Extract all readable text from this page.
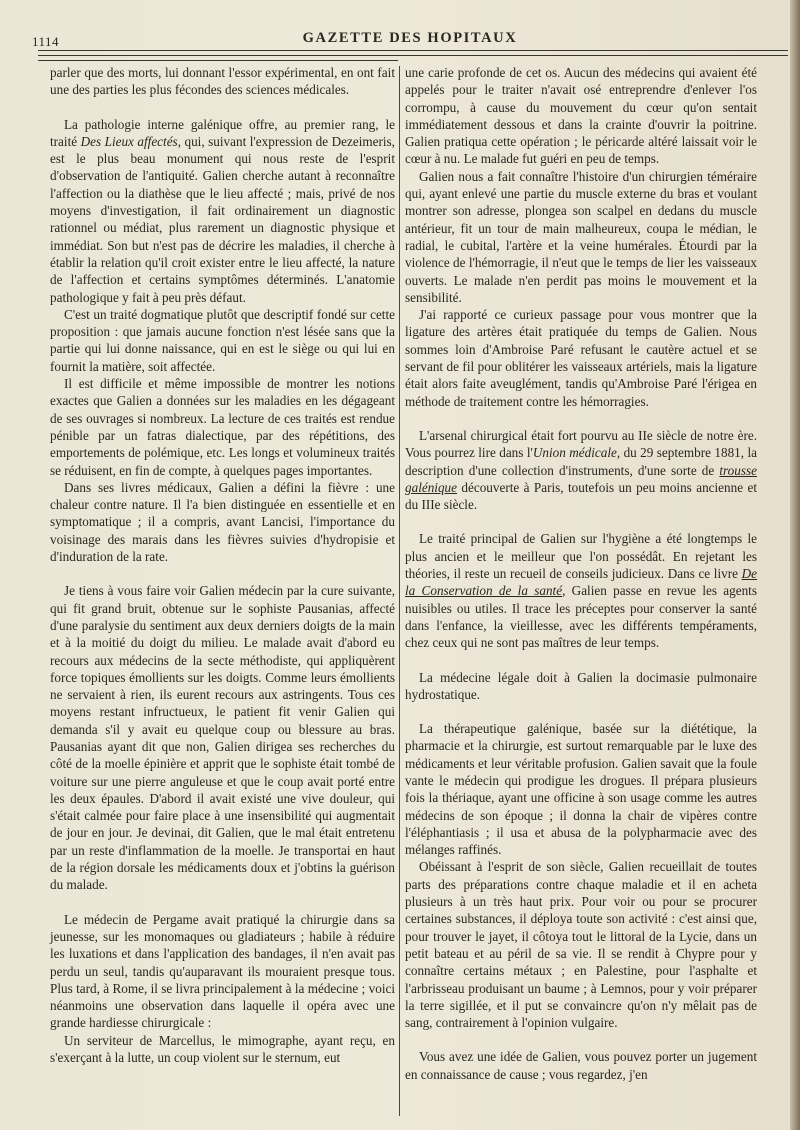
1114	GAZETTE DES HOPITAUX

parler que des morts, lui donnant l'essor expérimental, en ont fait une des parties les plus fécondes des sciences médicales.

La pathologie interne galénique offre, au premier rang, le traité Des Lieux affectés, qui, suivant l'expression de Dezeimeris, est le plus beau monument qui nous reste de l'esprit d'observation de l'antiquité. Galien cherche autant à reconnaître l'affection ou la diathèse que le lieu affecté ; mais, privé de nos moyens d'investigation, il fait ordinairement un diagnostic rationnel ou médiat, plus rarement un diagnostic physique et immédiat. Son but n'est pas de décrire les maladies, il cherche à établir la relation qu'il croit exister entre le lieu affecté, la nature de l'affection et certains symptômes déterminés. L'anatomie pathologique y fait à peu près défaut.

C'est un traité dogmatique plutôt que descriptif fondé sur cette proposition : que jamais aucune fonction n'est lésée sans que la partie qui lui donne naissance, qui en est le siège ou qui lui en fournit la matière, soit affectée.

Il est difficile et même impossible de montrer les notions exactes que Galien a données sur les maladies en les dégageant de ses ouvrages si nombreux. La lecture de ces traités est rendue pénible par un fatras dialectique, par des répétitions, des emportements de polémique, etc. Les longs et volumineux traités se réduisent, en fin de compte, à quelques pages importantes.

Dans ses livres médicaux, Galien a défini la fièvre : une chaleur contre nature. Il l'a bien distinguée en essentielle et en symptomatique ; il a compris, avant Lancisi, l'importance du voisinage des marais dans les fièvres suivies d'hydropisie et d'induration de la rate.

Je tiens à vous faire voir Galien médecin par la cure suivante, qui fit grand bruit, obtenue sur le sophiste Pausanias, affecté d'une paralysie du sentiment aux deux derniers doigts de la main et à la moitié du doigt du milieu. Le malade avait d'abord eu recours aux médecins de la secte méthodiste, qui appliquèrent force topiques émollients sur les doigts. Comme leurs émollients ne servaient à rien, ils eurent recours aux astringents. Tous ces moyens restant infructueux, le patient fit venir Galien qui demanda s'il y avait eu quelque coup ou blessure au bras. Pausanias ayant dit que non, Galien dirigea ses recherches du côté de la moelle épinière et apprit que le sophiste était tombé de voiture sur une pierre anguleuse et que le coup avait porté entre les deux épaules. D'abord il avait existé une vive douleur, qui s'était calmée pour faire place à une insensibilité qui augmentait de jour en jour. Je devinai, dit Galien, que le mal était entretenu par un reste d'inflammation de la moelle. Je transportai en haut de la région dorsale les médicaments doux et j'obtins la guérison du malade.

Le médecin de Pergame avait pratiqué la chirurgie dans sa jeunesse, sur les monomaques ou gladiateurs ; habile à réduire les luxations et dans l'application des bandages, il n'en avait pas perdu un seul, tandis qu'auparavant ils mouraient presque tous. Plus tard, à Rome, il se livra principalement à la médecine ; voici néanmoins une observation dans laquelle il opéra avec une grande hardiesse chirurgicale :

Un serviteur de Marcellus, le mimographe, ayant reçu, en s'exerçant à la lutte, un coup violent sur le sternum, eut

une carie profonde de cet os. Aucun des médecins qui avaient été appelés pour le traiter n'avait osé entreprendre d'enlever l'os corrompu, à cause du mouvement du cœur qu'on sentait immédiatement dessous et dans la crainte d'ouvrir la poitrine. Galien pratiqua cette opération ; le péricarde altéré laissait voir le cœur à nu. Le malade fut guéri en peu de temps.

Galien nous a fait connaître l'histoire d'un chirurgien téméraire qui, ayant enlevé une partie du muscle externe du bras et voulant montrer son adresse, plongea son scalpel en dedans du muscle antérieur, fit un tour de main malheureux, coupa le médian, le radial, le cubital, l'artère et la veine humérales. Étourdi par la violence de l'hémorragie, il n'eut que le temps de lier les vaisseaux ouverts. Le malade n'en perdit pas moins le mouvement et la sensibilité.

J'ai rapporté ce curieux passage pour vous montrer que la ligature des artères était pratiquée du temps de Galien. Nous sommes loin d'Ambroise Paré refusant le cautère actuel et se servant de fil pour oblitérer les vaisseaux artériels, mais la ligature était alors faite aveuglément, tandis qu'Ambroise Paré l'érigea en méthode de traitement contre les hémorragies.

L'arsenal chirurgical était fort pourvu au IIe siècle de notre ère. Vous pourrez lire dans l'Union médicale, du 29 septembre 1881, la description d'une collection d'instruments, d'une sorte de trousse galénique découverte à Paris, toutefois un peu moins ancienne et du IIIe siècle.

Le traité principal de Galien sur l'hygiène a été longtemps le plus ancien et le meilleur que l'on possédât. En rejetant les théories, il reste un recueil de conseils judicieux. Dans ce livre De la Conservation de la santé, Galien passe en revue les agents nuisibles ou utiles. Il trace les préceptes pour conserver la santé dans l'enfance, la vieillesse, avec les différents tempéraments, chez ceux qui ne sont pas maîtres de leur temps.

La médecine légale doit à Galien la docimasie pulmonaire hydrostatique.

La thérapeutique galénique, basée sur la diététique, la pharmacie et la chirurgie, est surtout remarquable par le luxe des médicaments et leur véritable profusion. Galien savait que la foule vante le médecin qui prodigue les drogues. Il prépara plusieurs fois la thériaque, ayant une officine à son usage comme les autres médecins de son époque ; il donna la chair de vipères contre l'éléphantiasis ; il usa et abusa de la polypharmacie avec des mélanges raffinés.

Obéissant à l'esprit de son siècle, Galien recueillait de toutes parts des préparations contre chaque maladie et il en acheta plusieurs à un très haut prix. Pour voir ou pour se procurer certaines substances, il déploya toute son activité : c'est ainsi que, pour trouver le jayet, il côtoya tout le littoral de la Lycie, dans un petit bateau et au péril de sa vie. Il se rendit à Chypre pour y connaître certains métaux ; en Palestine, pour l'asphalte et l'arbrisseau produisant un baume ; à Lemnos, pour y voir préparer la terre sigillée, et il put se convaincre qu'on n'y mêlait pas de sang, contrairement à l'opinion vulgaire.

Vous avez une idée de Galien, vous pouvez porter un jugement en connaissance de cause ; vous regardez, j'en
